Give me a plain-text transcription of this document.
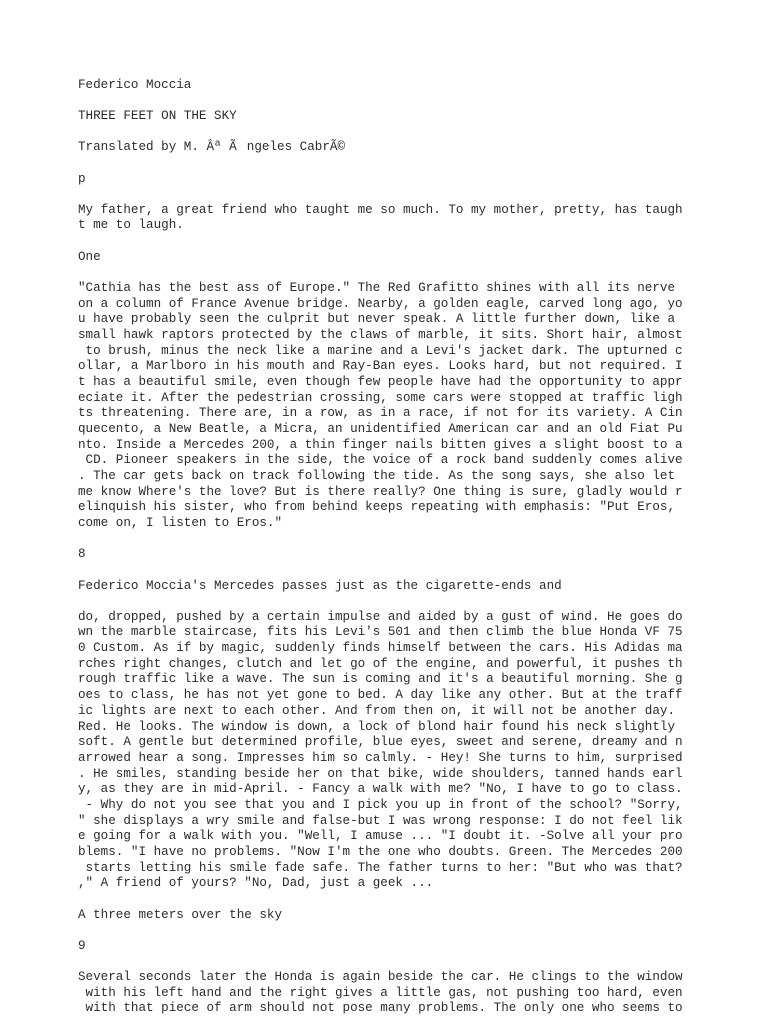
Federico Moccia
THREE FEET ON THE SKY
Translated by M. Âª Ãngeles CabrÃ©
p
My father, a great friend who taught me so much. To my mother, pretty, has taugh
t me to laugh.
One
"Cathia has the best ass of Europe." The Red Grafitto shines with all its nerve
on a column of France Avenue bridge. Nearby, a golden eagle, carved long ago, yo
u have probably seen the culprit but never speak. A little further down, like a
small hawk raptors protected by the claws of marble, it sits. Short hair, almost
to brush, minus the neck like a marine and a Levi's jacket dark. The upturned c
ollar, a Marlboro in his mouth and Ray-Ban eyes. Looks hard, but not required. I
t has a beautiful smile, even though few people have had the opportunity to appr
eciate it. After the pedestrian crossing, some cars were stopped at traffic ligh
ts threatening. There are, in a row, as in a race, if not for its variety. A Cin
quecento, a New Beatle, a Micra, an unidentified American car and an old Fiat Pu
nto. Inside a Mercedes 200, a thin finger nails bitten gives a slight boost to a
CD. Pioneer speakers in the side, the voice of a rock band suddenly comes alive
. The car gets back on track following the tide. As the song says, she also let
me know Where's the love? But is there really? One thing is sure, gladly would r
elinquish his sister, who from behind keeps repeating with emphasis: "Put Eros,
come on, I listen to Eros."
8
Federico Moccia's Mercedes passes just as the cigarette-ends and
do, dropped, pushed by a certain impulse and aided by a gust of wind. He goes do
wn the marble staircase, fits his Levi's 501 and then climb the blue Honda VF 75
0 Custom. As if by magic, suddenly finds himself between the cars. His Adidas ma
rches right changes, clutch and let go of the engine, and powerful, it pushes th
rough traffic like a wave. The sun is coming and it's a beautiful morning. She g
oes to class, he has not yet gone to bed. A day like any other. But at the traff
ic lights are next to each other. And from then on, it will not be another day.
Red. He looks. The window is down, a lock of blond hair found his neck slightly
soft. A gentle but determined profile, blue eyes, sweet and serene, dreamy and n
arrowed hear a song. Impresses him so calmly. - Hey! She turns to him, surprised
. He smiles, standing beside her on that bike, wide shoulders, tanned hands earl
y, as they are in mid-April. - Fancy a walk with me? "No, I have to go to class.
- Why do not you see that you and I pick you up in front of the school? "Sorry,
" she displays a wry smile and false-but I was wrong response: I do not feel lik
e going for a walk with you. "Well, I amuse ... "I doubt it. -Solve all your pro
blems. "I have no problems. "Now I'm the one who doubts. Green. The Mercedes 200
starts letting his smile fade safe. The father turns to her: "But who was that?
," A friend of yours? "No, Dad, just a geek ...
A three meters over the sky
9
Several seconds later the Honda is again beside the car. He clings to the window
with his left hand and the right gives a little gas, not pushing too hard, even
with that piece of arm should not pose many problems. The only one who seems to
